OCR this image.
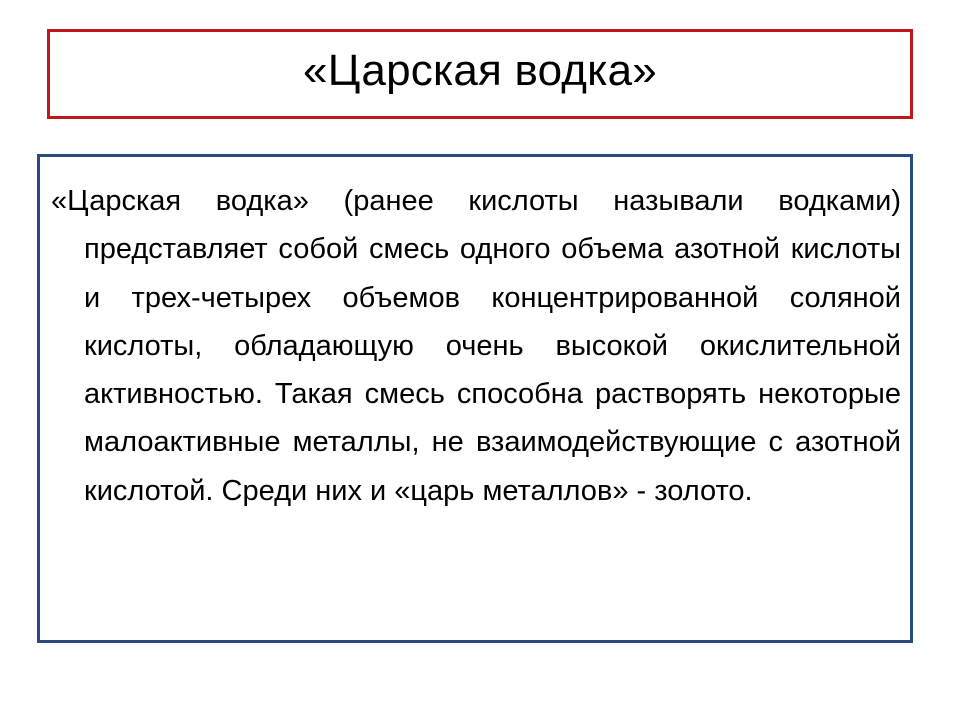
«Царская водка»

«Царская водка» (ранее кислоты называли водками) представляет собой смесь одного объема азотной кислоты и трех-четырех объемов концентрированной соляной кислоты, обладающую очень высокой окислительной активностью. Такая смесь способна растворять некоторые малоактивные металлы, не взаимодействующие с азотной кислотой. Среди них и «царь металлов» - золото.
